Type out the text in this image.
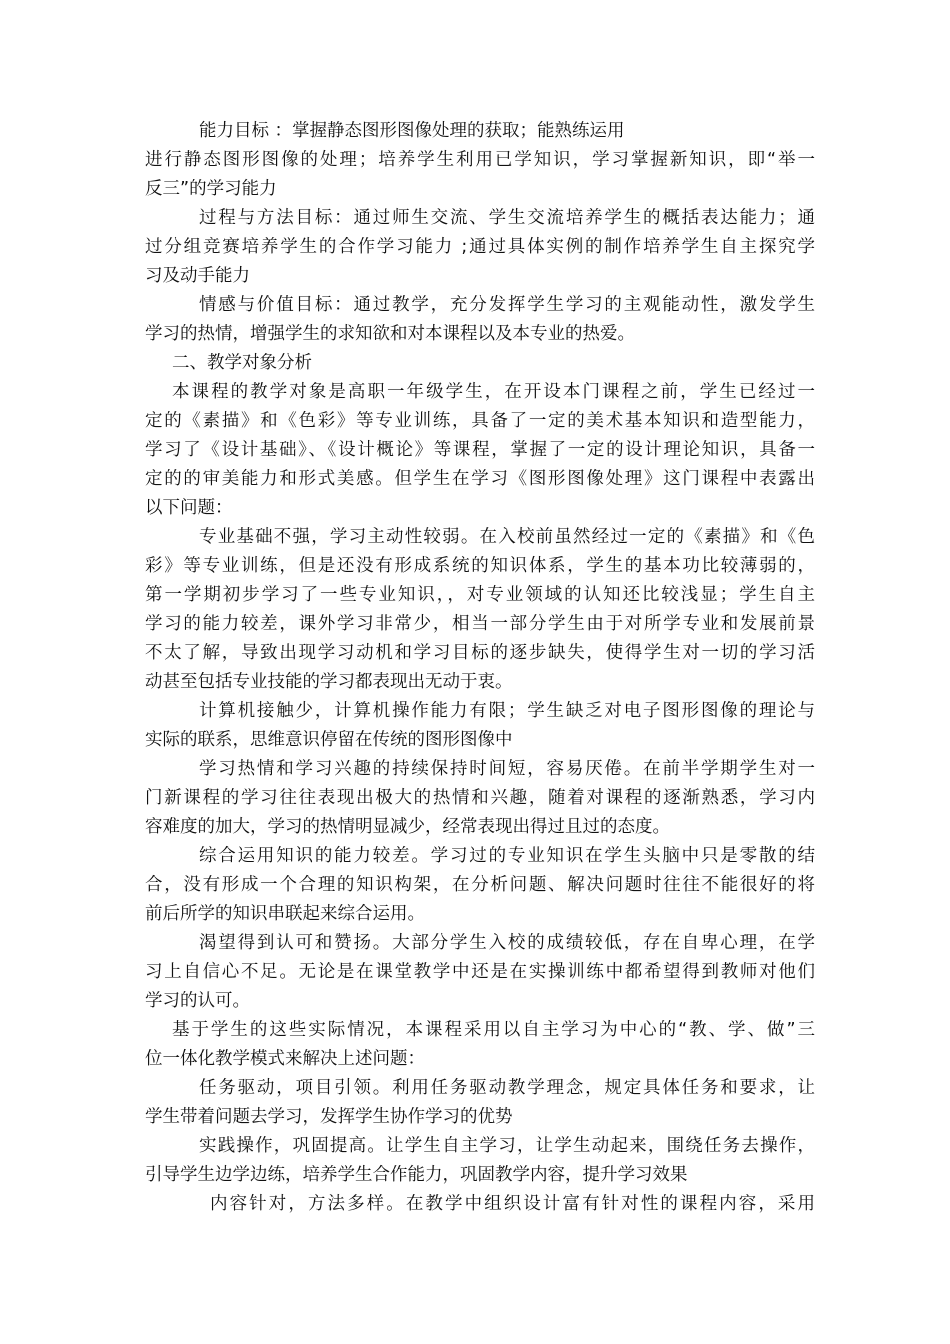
能力目标 ：掌握静态图形图像处理的获取；能熟练运用
进行静态图形图像的处理；培养学生利用已学知识，学习掌握新知识，即“举一
反三”的学习能力
过程与方法目标：通过师生交流、学生交流培养学生的概括表达能力；通
过分组竞赛培养学生的合作学习能力 ;通过具体实例的制作培养学生自主探究学
习及动手能力
情感与价值目标：通过教学，充分发挥学生学习的主观能动性，激发学生
学习的热情，增强学生的求知欲和对本课程以及本专业的热爱。
二、教学对象分析
本课程的教学对象是高职一年级学生，在开设本门课程之前，学生已经过一
定的《素描》和《色彩》等专业训练，具备了一定的美术基本知识和造型能力，
学习了《设计基础》、《设计概论》等课程，掌握了一定的设计理论知识，具备一
定的的审美能力和形式美感。但学生在学习《图形图像处理》这门课程中表露出
以下问题：
专业基础不强，学习主动性较弱。在入校前虽然经过一定的《素描》和《色
彩》等专业训练，但是还没有形成系统的知识体系，学生的基本功比较薄弱的，
第一学期初步学习了一些专业知识，，对专业领域的认知还比较浅显；学生自主
学习的能力较差，课外学习非常少，相当一部分学生由于对所学专业和发展前景
不太了解，导致出现学习动机和学习目标的逐步缺失，使得学生对一切的学习活
动甚至包括专业技能的学习都表现出无动于衷。
计算机接触少，计算机操作能力有限；学生缺乏对电子图形图像的理论与
实际的联系，思维意识停留在传统的图形图像中
学习热情和学习兴趣的持续保持时间短，容易厌倦。在前半学期学生对一
门新课程的学习往往表现出极大的热情和兴趣，随着对课程的逐渐熟悉，学习内
容难度的加大，学习的热情明显减少，经常表现出得过且过的态度。
综合运用知识的能力较差。学习过的专业知识在学生头脑中只是零散的结
合，没有形成一个合理的知识构架，在分析问题、解决问题时往往不能很好的将
前后所学的知识串联起来综合运用。
渴望得到认可和赞扬。大部分学生入校的成绩较低，存在自卑心理，在学
习上自信心不足。无论是在课堂教学中还是在实操训练中都希望得到教师对他们
学习的认可。
基于学生的这些实际情况，本课程采用以自主学习为中心的“教、学、做”三
位一体化教学模式来解决上述问题：
任务驱动，项目引领。利用任务驱动教学理念，规定具体任务和要求，让
学生带着问题去学习，发挥学生协作学习的优势
实践操作，巩固提高。让学生自主学习，让学生动起来，围绕任务去操作，
引导学生边学边练，培养学生合作能力，巩固教学内容，提升学习效果
内容针对，方法多样。在教学中组织设计富有针对性的课程内容，采用
